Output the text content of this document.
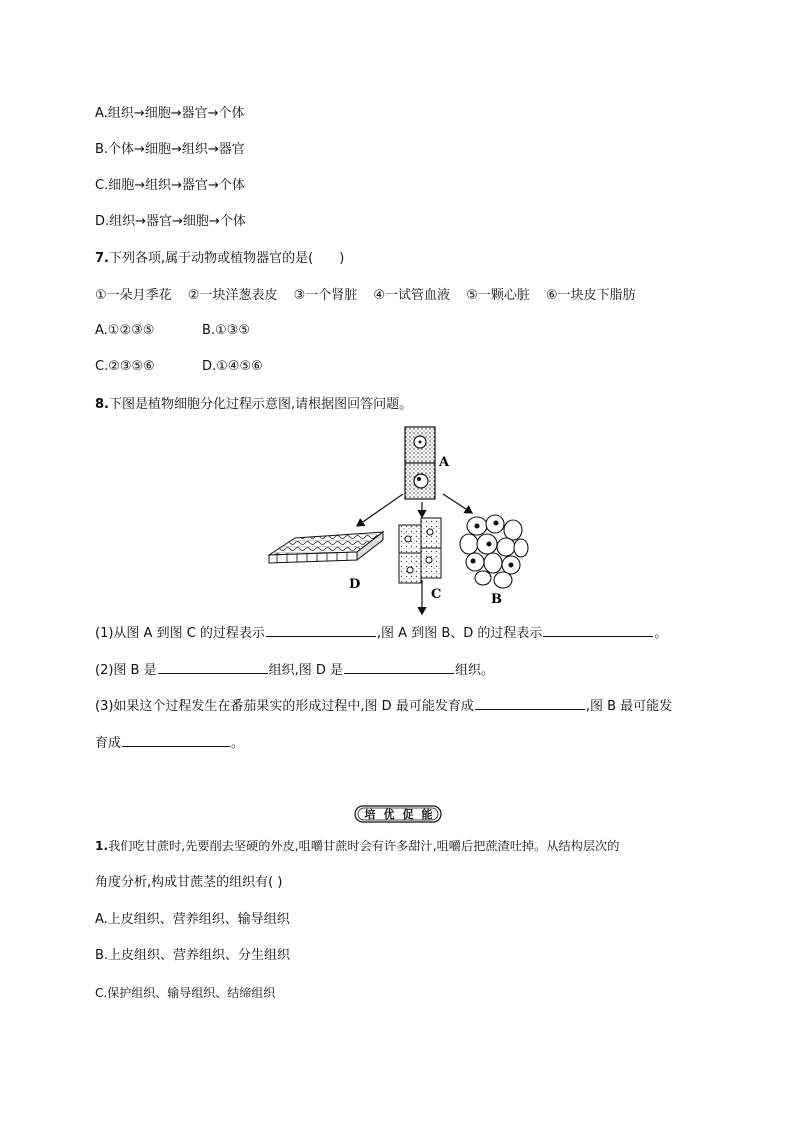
A.组织→细胞→器官→个体
B.个体→细胞→组织→器官
C.细胞→组织→器官→个体
D.组织→器官→细胞→个体
7.下列各项,属于动物或植物器官的是(　　)
①一朵月季花 ②一块洋葱表皮 ③一个肾脏 ④一试管血液 ⑤一颗心脏 ⑥一块皮下脂肪
A.①②③⑤	B.①③⑤
C.②③⑤⑥	D.①④⑤⑥
8.下图是植物细胞分化过程示意图,请根据图回答问题。
A
D
C	B
(1)从图 A 到图 C 的过程表示	,图 A 到图 B、D 的过程表示	。
(2)图 B 是	组织,图 D 是	组织。
(3)如果这个过程发生在番茄果实的形成过程中,图 D 最可能发育成	,图 B 最可能发
育成	。
培 优 促 能
1.我们吃甘蔗时,先要削去坚硬的外皮,咀嚼甘蔗时会有许多甜汁,咀嚼后把蔗渣吐掉。从结构层次的
角度分析,构成甘蔗茎的组织有( )
A.上皮组织、营养组织、输导组织
B.上皮组织、营养组织、分生组织
C.保护组织、输导组织、结缔组织
